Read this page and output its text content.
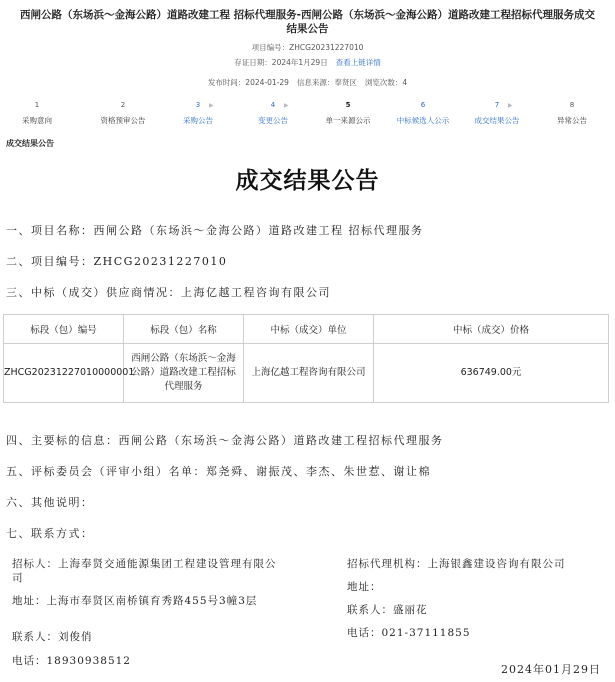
西闸公路（东场浜～金海公路）道路改建工程 招标代理服务-西闸公路（东场浜～金海公路）道路改建工程招标代理服务成交结果公告
项目编号：ZHCG20231227010
存证日期：2024年1月29日 查看上链详情
发布时间：2024-01-29 信息来源：奉贤区 浏览次数：4
1
采购意向
2
资格预审公告
3
采购公告
▶	4
变更公告
▶	5
单一来源公示
6
中标候选人公示
7
成交结果公告
▶	8
异常公告
成交结果公告
成交结果公告
一、项目名称：西闸公路（东场浜～金海公路）道路改建工程 招标代理服务
二、项目编号：ZHCG20231227010
三、中标（成交）供应商情况：上海亿越工程咨询有限公司
标段（包）编号	标段（包）名称	中标（成交）单位	中标（成交）价格
ZHCG20231227010000001	西闸公路（东场浜～金海公路）道路改建工程招标代理服务	上海亿越工程咨询有限公司	636749.00元
四、主要标的信息：西闸公路（东场浜～金海公路）道路改建工程招标代理服务
五、评标委员会（评审小组）名单：郑尧舜、谢振茂、李杰、朱世惹、谢让棉
六、其他说明：
七、联系方式：
招标人：上海奉贤交通能源集团工程建设管理有限公司
地址：上海市奉贤区南桥镇育秀路455号3幢3层
联系人：刘俊俏
电话：18930938512
招标代理机构：上海银鑫建设咨询有限公司
地址：
联系人：盛丽花
电话：021-37111855
2024年01月29日
